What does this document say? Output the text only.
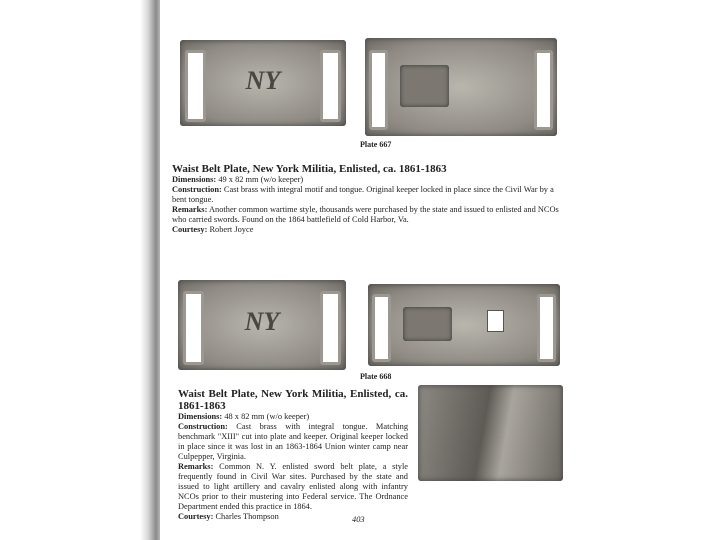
NY
Plate 667
Waist Belt Plate, New York Militia, Enlisted, ca. 1861-1863

Dimensions: 49 x 82 mm (w/o keeper)

Construction: Cast brass with integral motif and tongue. Original keeper locked in place since the Civil War by a bent tongue.

Remarks: Another common wartime style, thousands were purchased by the state and issued to enlisted and NCOs who carried swords. Found on the 1864 battlefield of Cold Harbor, Va.

Courtesy: Robert Joyce

NY
Plate 668
Waist Belt Plate, New York Militia, Enlisted, ca. 1861-1863

Dimensions: 48 x 82 mm (w/o keeper)

Construction: Cast brass with integral tongue. Matching benchmark "XIII" cut into plate and keeper. Original keeper locked in place since it was lost in an 1863-1864 Union winter camp near Culpepper, Virginia.

Remarks: Common N. Y. enlisted sword belt plate, a style frequently found in Civil War sites. Purchased by the state and issued to light artillery and cavalry enlisted along with infantry NCOs prior to their mustering into Federal service. The Ordnance Department ended this practice in 1864.

Courtesy: Charles Thompson	403
